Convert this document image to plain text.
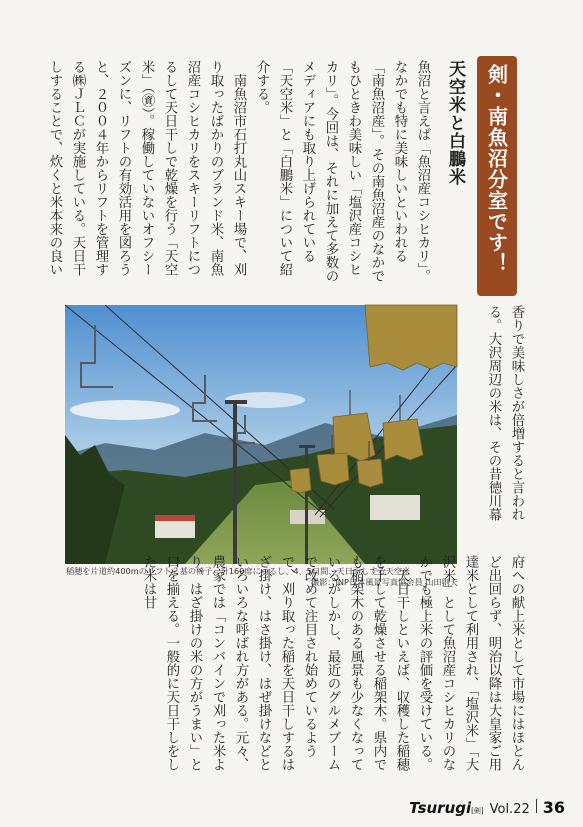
剣・南魚沼分室です！
天空米と白鵬米
魚沼と言えば「魚沼産コシヒカリ」。なかでも特に美味しいといわれる「南魚沼産」。その南魚沼産のなかでもひときわ美味しい「塩沢産コシヒカリ」。今回は、それに加えて多数のメディアにも取り上げられている「天空米」と「白鵬米」について紹介する。
　南魚沼市石打丸山スキー場で、刈り取ったばかりのブランド米、南魚沼産コシヒカリをスキーリフトにつるして天日干しで乾燥を行う「天空米」（㊮）。稼働していないオフシーズンに、リフトの有効活用を図ろうと、２００４年からリフトを管理する㈱ＪＬＣが実施している。天日干しすることで、炊くと米本来の良い
香りで美味しさが倍増すると言われる。大沢周辺の米は、その昔徳川幕
稲穂を片道約400mのリフト２基の椅子、計160席につるし、4、5日間、天日干しする天空米
撮影：JNP日本風景写真協会員 山田則夫	府への献上米として市場にはほとんど出回らず、明治以降は大皇家ご用達米として利用され、「塩沢米」「大沢米」として魚沼産コシヒカリのなかでも極上米の評価を受けている。
　天日干しといえば、収穫した稲穂を干して乾燥させる稲架木。県内でも稲架木のある風景も少なくなっているがしかし、最近のグルメブームで改めて注目され始めているようで、刈り取った稲を天日干しするはざ掛け、はさ掛け、はぜ掛けなどといろいろな呼ばれ方がある。元々、農家では「コンバインで刈った米より、はざ掛けの米の方がうまい」と口を揃える。一般的に天日干しをした米は甘
Tsurugi[剣] Vol.22 36
